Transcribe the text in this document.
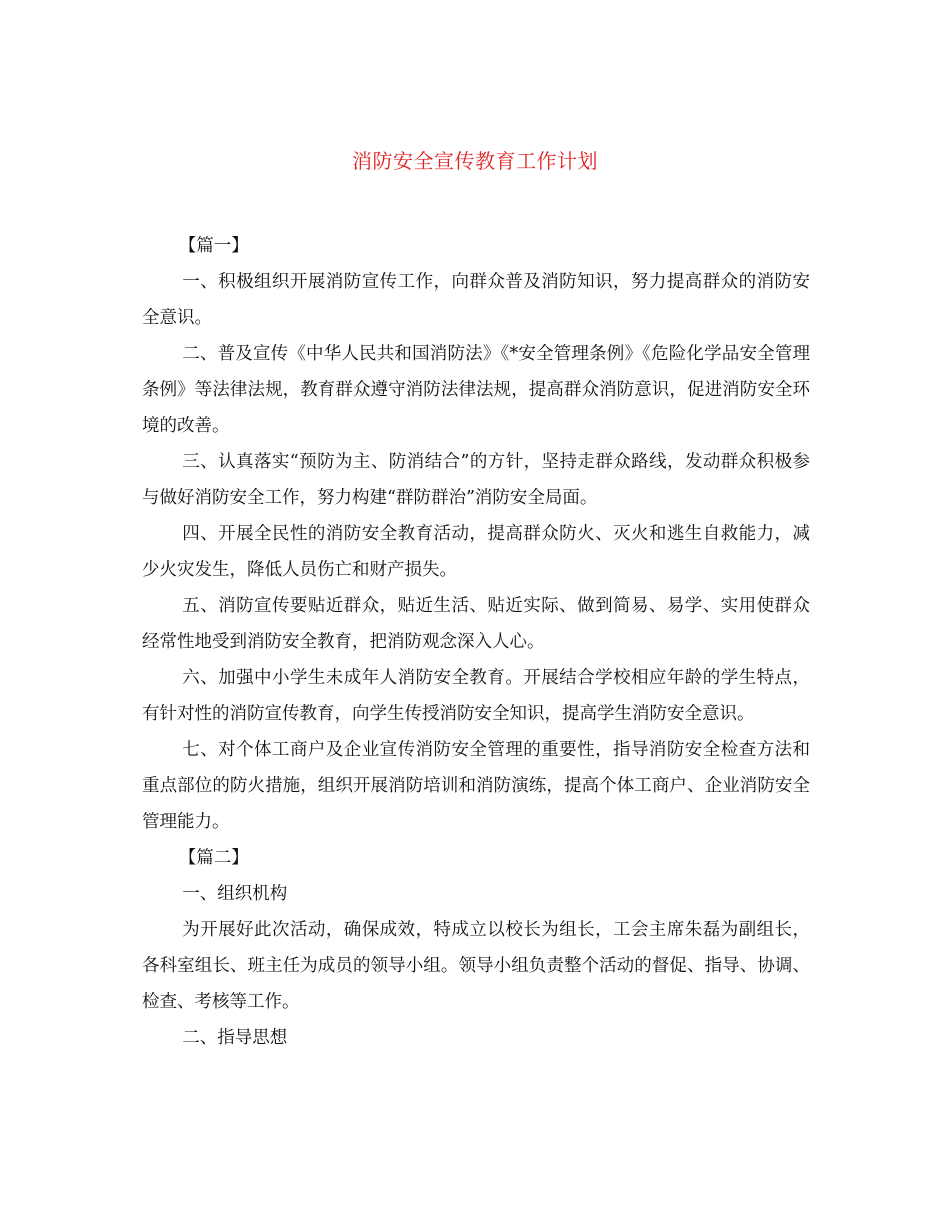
消防安全宣传教育工作计划

【篇一】

一、积极组织开展消防宣传工作，向群众普及消防知识，努力提高群众的消防安全意识。

二、普及宣传《中华人民共和国消防法》《*安全管理条例》《危险化学品安全管理条例》等法律法规，教育群众遵守消防法律法规，提高群众消防意识，促进消防安全环境的改善。

三、认真落实“预防为主、防消结合”的方针，坚持走群众路线，发动群众积极参与做好消防安全工作，努力构建“群防群治”消防安全局面。

四、开展全民性的消防安全教育活动，提高群众防火、灭火和逃生自救能力，减少火灾发生，降低人员伤亡和财产损失。

五、消防宣传要贴近群众，贴近生活、贴近实际、做到简易、易学、实用使群众经常性地受到消防安全教育，把消防观念深入人心。

六、加强中小学生未成年人消防安全教育。开展结合学校相应年龄的学生特点，有针对性的消防宣传教育，向学生传授消防安全知识，提高学生消防安全意识。

七、对个体工商户及企业宣传消防安全管理的重要性，指导消防安全检查方法和重点部位的防火措施，组织开展消防培训和消防演练，提高个体工商户、企业消防安全管理能力。

【篇二】

一、组织机构

为开展好此次活动，确保成效，特成立以校长为组长，工会主席朱磊为副组长，各科室组长、班主任为成员的领导小组。领导小组负责整个活动的督促、指导、协调、检查、考核等工作。

二、指导思想
